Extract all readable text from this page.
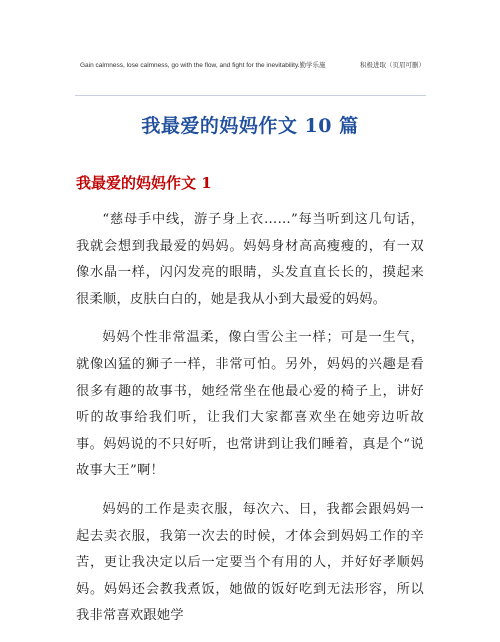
Gain calmness, lose calmness, go with the flow, and fight for the inevitability.勤学乐施	积极进取（页眉可删）
我最爱的妈妈作文 10 篇
我最爱的妈妈作文 1

“慈母手中线，游子身上衣……”每当听到这几句话，我就会想到我最爱的妈妈。妈妈身材高高瘦瘦的，有一双像水晶一样，闪闪发亮的眼睛，头发直直长长的，摸起来很柔顺，皮肤白白的，她是我从小到大最爱的妈妈。

妈妈个性非常温柔，像白雪公主一样；可是一生气，就像凶猛的狮子一样，非常可怕。另外，妈妈的兴趣是看很多有趣的故事书，她经常坐在他最心爱的椅子上，讲好听的故事给我们听，让我们大家都喜欢坐在她旁边听故事。妈妈说的不只好听，也常讲到让我们睡着，真是个“说故事大王”啊！

妈妈的工作是卖衣服，每次六、日，我都会跟妈妈一起去卖衣服，我第一次去的时候，才体会到妈妈工作的辛苦，更让我决定以后一定要当个有用的人，并好好孝顺妈妈。妈妈还会教我煮饭，她做的饭好吃到无法形容，所以我非常喜欢跟她学
